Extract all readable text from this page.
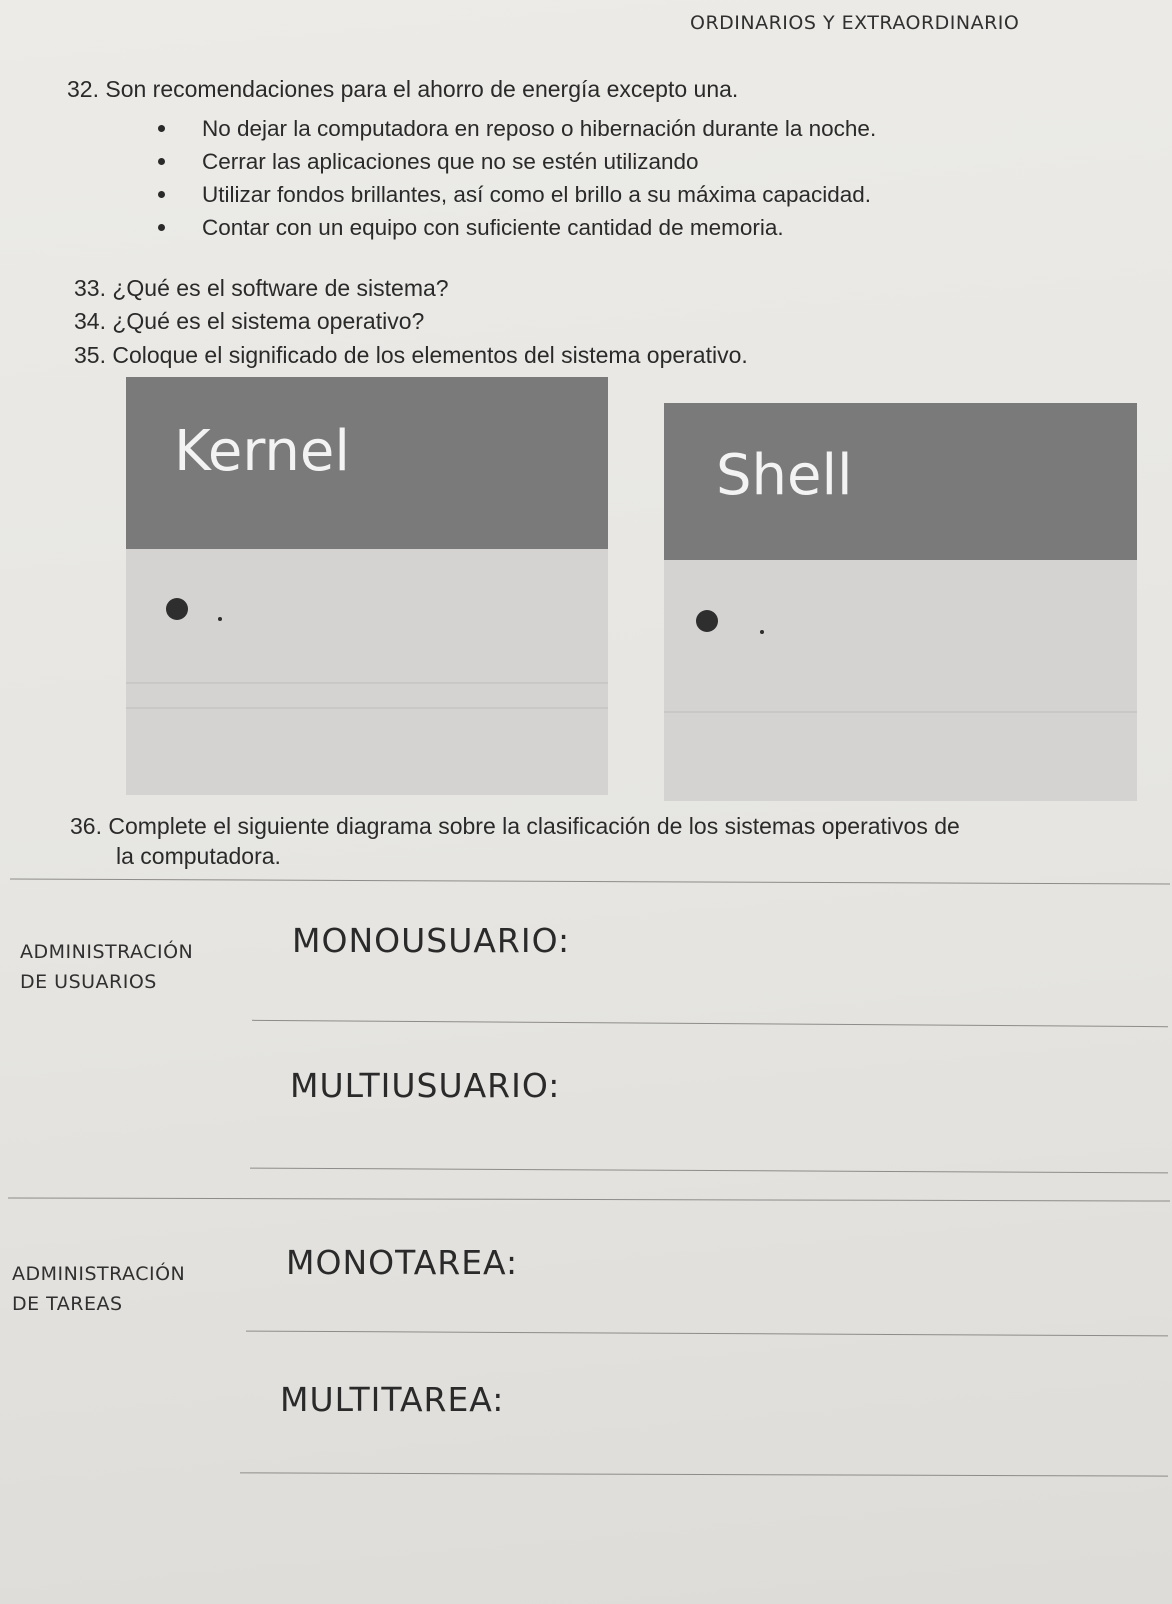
ORDINARIOS Y EXTRAORDINARIO
32. Son recomendaciones para el ahorro de energía excepto una.
No dejar la computadora en reposo o hibernación durante la noche.
Cerrar las aplicaciones que no se estén utilizando
Utilizar fondos brillantes, así como el brillo a su máxima capacidad.
Contar con un equipo con suficiente cantidad de memoria.
33. ¿Qué es el software de sistema?
34. ¿Qué es el sistema operativo?
35. Coloque el significado de los elementos del sistema operativo.
Kernel	Shell
36. Complete el siguiente diagrama sobre la clasificación de los sistemas operativos de
la computadora.
ADMINISTRACIÓN
DE USUARIOS
MONOUSUARIO:
MULTIUSUARIO:
ADMINISTRACIÓN
DE TAREAS
MONOTAREA:
MULTITAREA:
